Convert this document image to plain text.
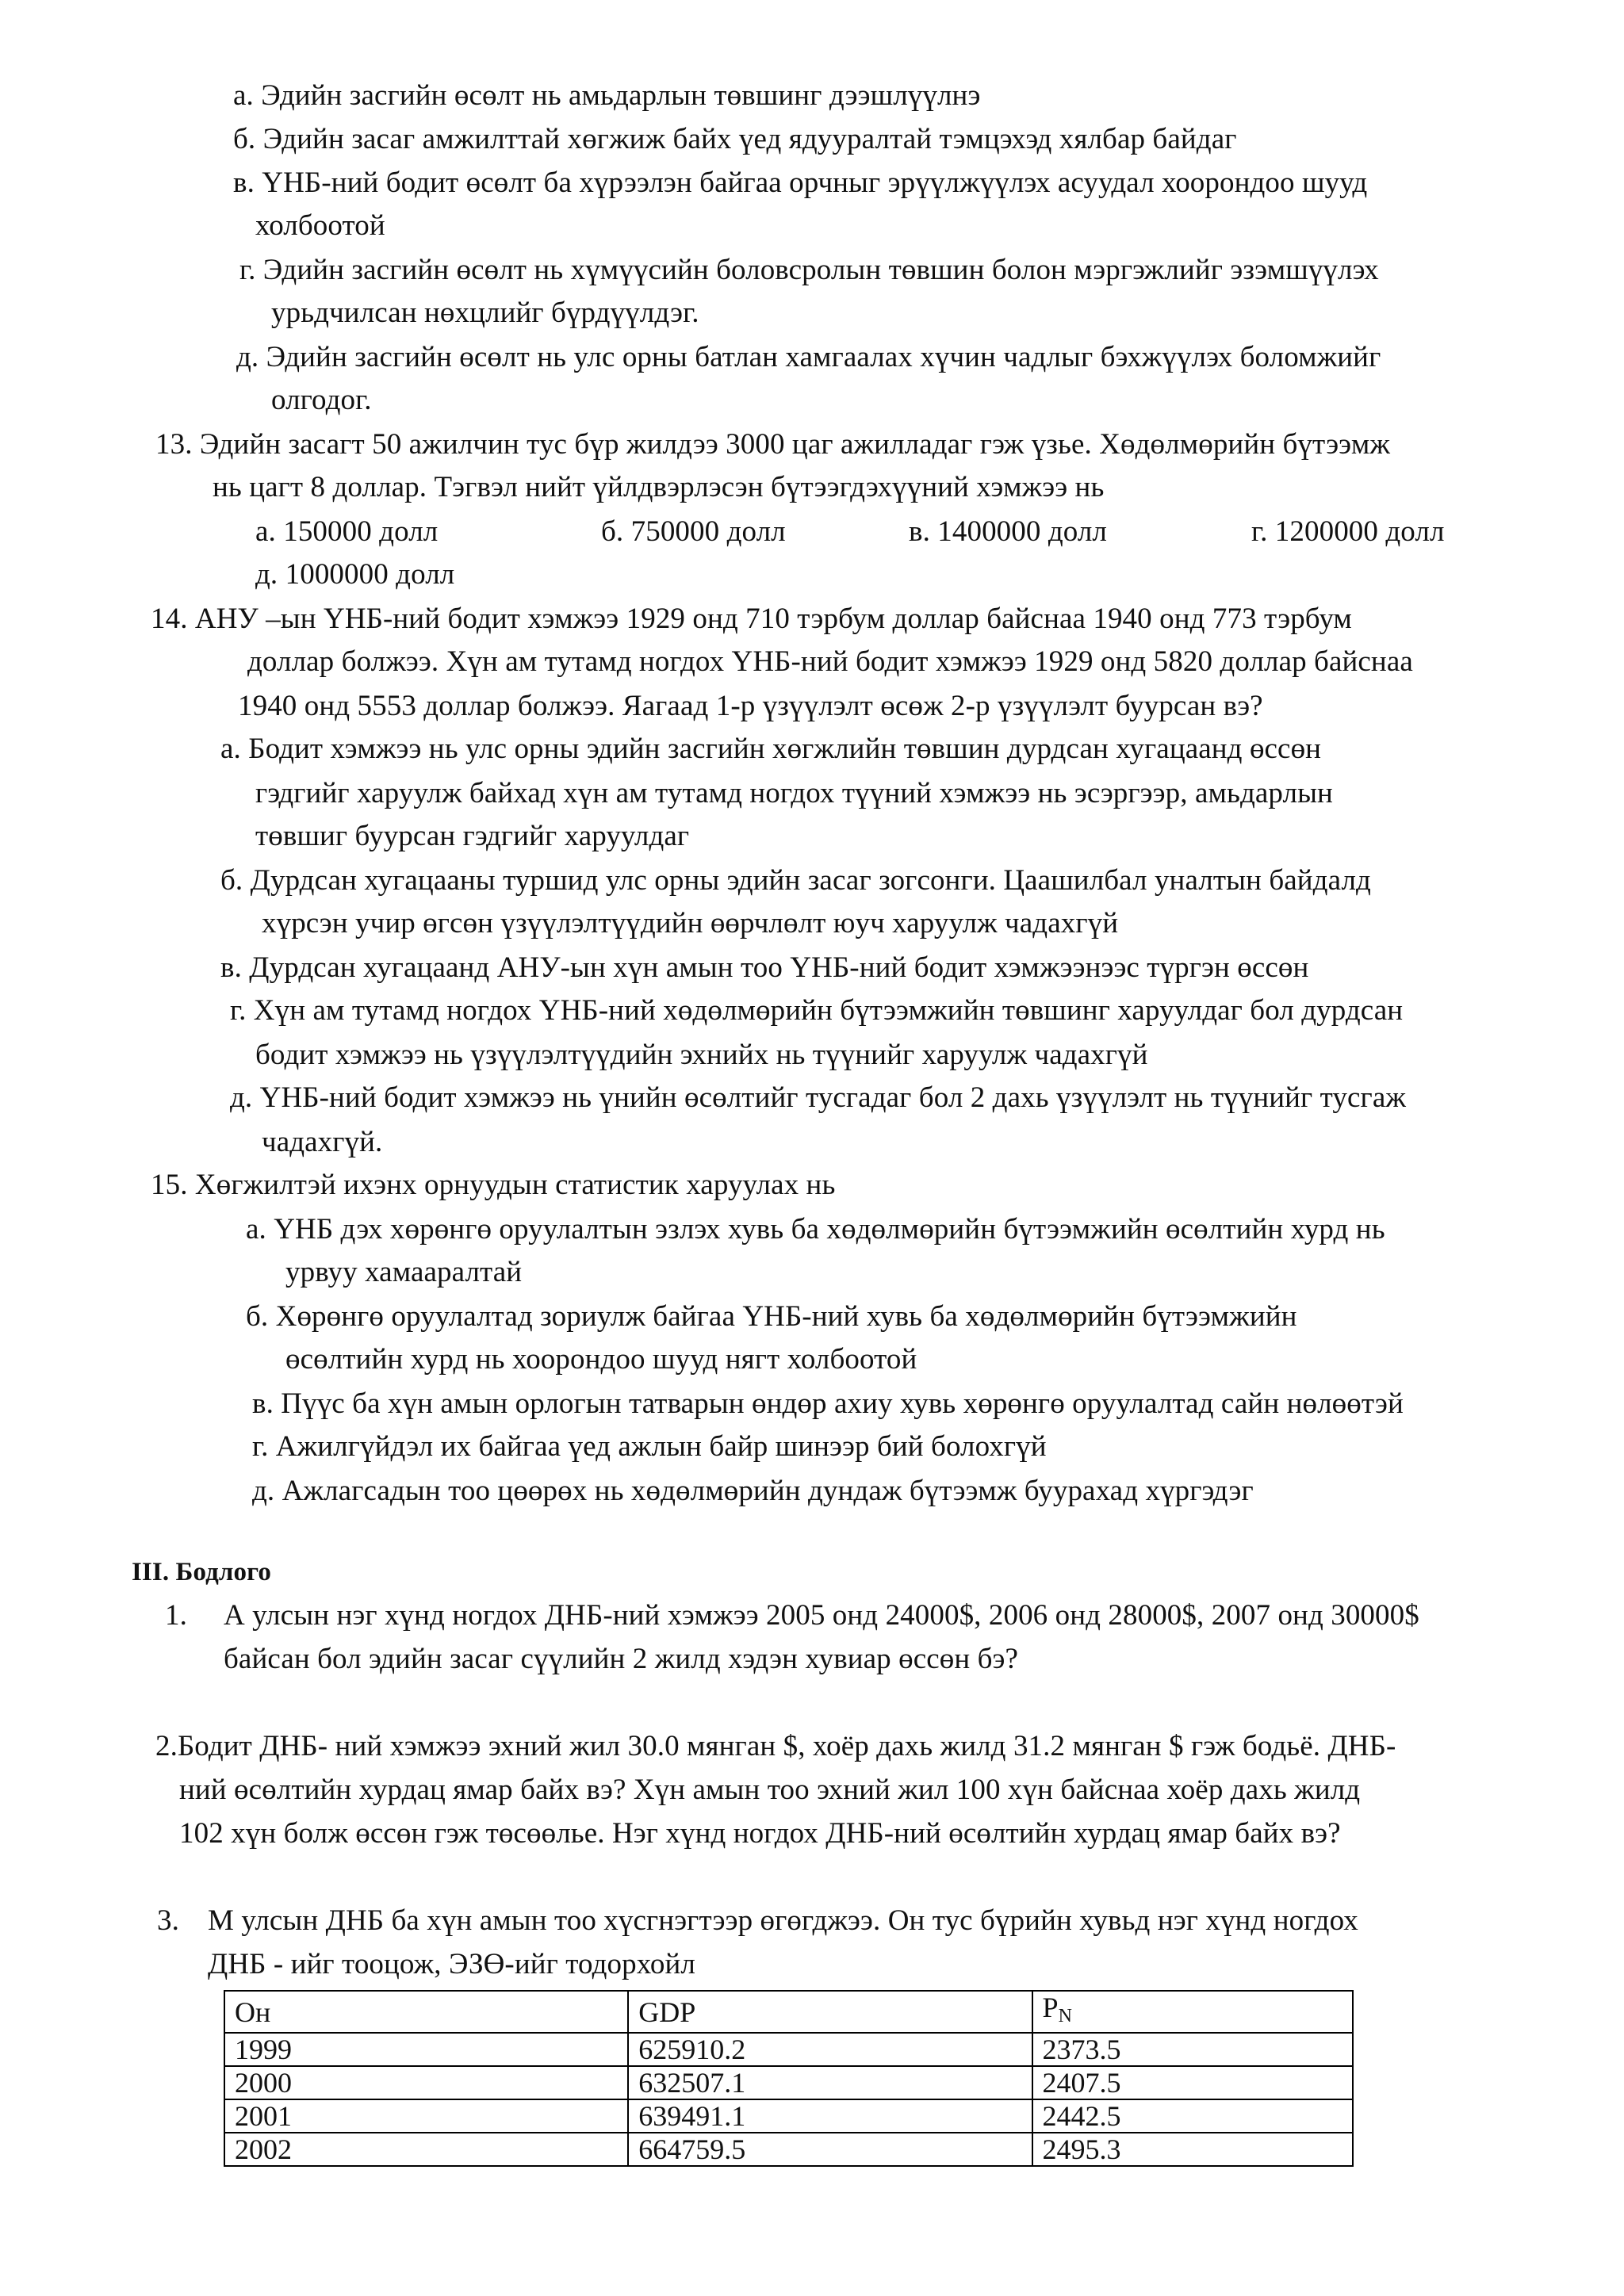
а. Эдийн засгийн өсөлт нь амьдарлын төвшинг дээшлүүлнэ
б. Эдийн засаг амжилттай хөгжиж байх үед ядууралтай тэмцэхэд хялбар байдаг
в. ҮНБ-ний бодит өсөлт ба хүрээлэн байгаа орчныг эрүүлжүүлэх асуудал хоорондоо шууд
холбоотой
г. Эдийн засгийн өсөлт нь хүмүүсийн боловсролын төвшин болон мэргэжлийг эзэмшүүлэх
урьдчилсан нөхцлийг бүрдүүлдэг.
д. Эдийн засгийн өсөлт нь улс орны батлан хамгаалах хүчин чадлыг бэхжүүлэх боломжийг
олгодог.
13. Эдийн засагт 50 ажилчин тус бүр жилдээ 3000 цаг ажилладаг гэж үзье. Хөдөлмөрийн бүтээмж
нь цагт 8 доллар. Тэгвэл нийт үйлдвэрлэсэн бүтээгдэхүүний хэмжээ нь
а. 150000 долл	б. 750000 долл	в. 1400000 долл	г. 1200000 долл
д. 1000000 долл
14. АНУ –ын ҮНБ-ний бодит хэмжээ 1929 онд 710 тэрбум доллар байснаа 1940 онд 773 тэрбум
доллар болжээ. Хүн ам тутамд ногдох ҮНБ-ний бодит хэмжээ 1929 онд 5820 доллар байснаа
1940 онд 5553 доллар болжээ. Яагаад 1-р үзүүлэлт өсөж 2-р үзүүлэлт буурсан вэ?
а. Бодит хэмжээ нь улс орны эдийн засгийн хөгжлийн төвшин дурдсан хугацаанд өссөн
гэдгийг харуулж байхад хүн ам тутамд ногдох түүний хэмжээ нь эсэргээр, амьдарлын
төвшиг буурсан гэдгийг харуулдаг
б. Дурдсан хугацааны туршид улс орны эдийн засаг зогсонги. Цаашилбал уналтын байдалд
хүрсэн учир өгсөн үзүүлэлтүүдийн өөрчлөлт юуч харуулж чадахгүй
в. Дурдсан хугацаанд АНУ-ын хүн амын тоо ҮНБ-ний бодит хэмжээнээс түргэн өссөн
г. Хүн ам тутамд ногдох ҮНБ-ний хөдөлмөрийн бүтээмжийн төвшинг харуулдаг бол дурдсан
бодит хэмжээ нь үзүүлэлтүүдийн эхнийх нь түүнийг харуулж чадахгүй
д. ҮНБ-ний бодит хэмжээ нь үнийн өсөлтийг тусгадаг бол 2 дахь үзүүлэлт нь түүнийг тусгаж
чадахгүй.
15. Хөгжилтэй ихэнх орнуудын статистик харуулах нь
а. ҮНБ дэх хөрөнгө оруулалтын эзлэх хувь ба хөдөлмөрийн бүтээмжийн өсөлтийн хурд нь
урвуу хамааралтай
б. Хөрөнгө оруулалтад зориулж байгаа ҮНБ-ний хувь ба хөдөлмөрийн бүтээмжийн
өсөлтийн хурд нь хоорондоо шууд нягт холбоотой
в. Пүүс ба хүн амын орлогын татварын өндөр ахиу хувь хөрөнгө оруулалтад сайн нөлөөтэй
г. Ажилгүйдэл их байгаа үед ажлын байр шинээр бий болохгүй
д. Ажлагсадын тоо цөөрөх нь хөдөлмөрийн дундаж бүтээмж буурахад хүргэдэг
III. Бодлого
1. А улсын нэг хүнд ногдох ДНБ-ний хэмжээ 2005 онд 24000$, 2006 онд 28000$, 2007 онд 30000$
байсан бол эдийн засаг сүүлийн 2 жилд хэдэн хувиар өссөн бэ?
2.Бодит ДНБ- ний хэмжээ эхний жил 30.0 мянган $, хоёр дахь жилд 31.2 мянган $ гэж бодьё. ДНБ-
ний өсөлтийн хурдац ямар байх вэ? Хүн амын тоо эхний жил 100 хүн байснаа хоёр дахь жилд
102 хүн болж өссөн гэж төсөөлье. Нэг хүнд ногдох ДНБ-ний өсөлтийн хурдац ямар байх вэ?
3. М улсын ДНБ ба хүн амын тоо хүсгнэгтээр өгөгджээ. Он тус бүрийн хувьд нэг хүнд ногдох
ДНБ - ийг тооцож, ЭЗӨ-ийг тодорхойл
Он	GDP	$P_N$
1999	625910.2	2373.5
2000	632507.1	2407.5
2001	639491.1	2442.5
2002	664759.5	2495.3
